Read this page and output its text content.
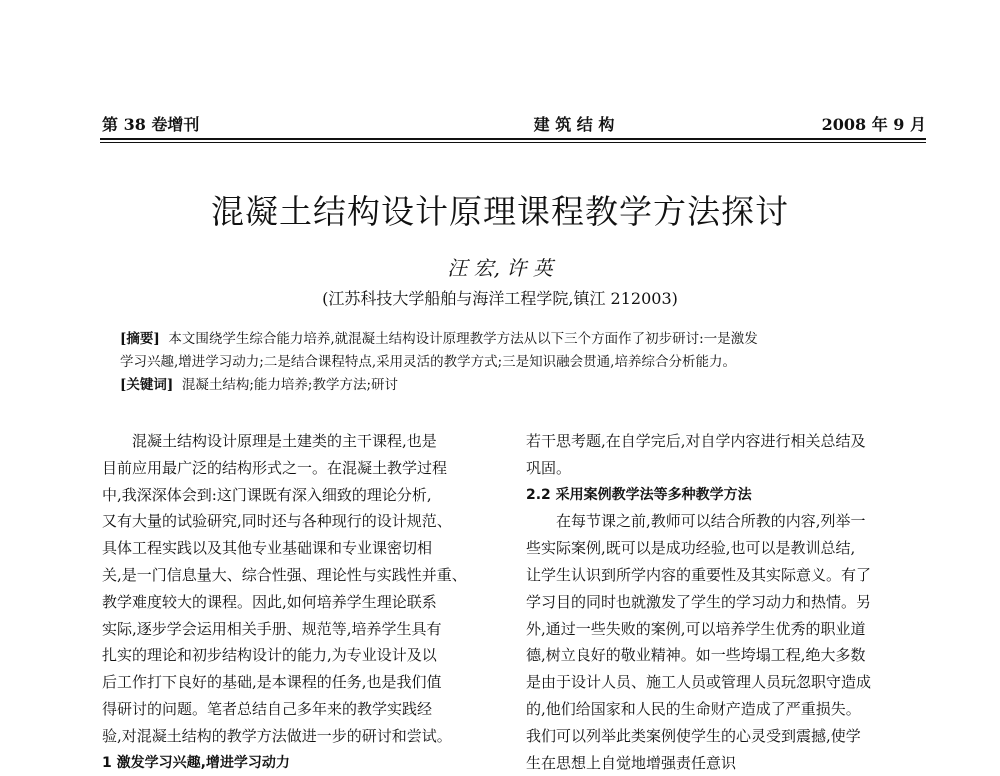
第 38 卷增刊	建 筑 结 构	2008 年 9 月
混凝土结构设计原理课程教学方法探讨
汪 宏, 许 英
(江苏科技大学船舶与海洋工程学院,镇江 212003)
[摘要] 本文围绕学生综合能力培养,就混凝土结构设计原理教学方法从以下三个方面作了初步研讨:一是激发
学习兴趣,增进学习动力;二是结合课程特点,采用灵活的教学方式;三是知识融会贯通,培养综合分析能力。
[关键词] 混凝土结构;能力培养;教学方法;研讨
混凝土结构设计原理是土建类的主干课程,也是
目前应用最广泛的结构形式之一。在混凝土教学过程
中,我深深体会到:这门课既有深入细致的理论分析,
又有大量的试验研究,同时还与各种现行的设计规范、
具体工程实践以及其他专业基础课和专业课密切相
关,是一门信息量大、综合性强、理论性与实践性并重、
教学难度较大的课程。因此,如何培养学生理论联系
实际,逐步学会运用相关手册、规范等,培养学生具有
扎实的理论和初步结构设计的能力,为专业设计及以
后工作打下良好的基础,是本课程的任务,也是我们值
得研讨的问题。笔者总结自己多年来的教学实践经
验,对混凝土结构的教学方法做进一步的研讨和尝试。
1 激发学习兴趣,增进学习动力
若干思考题,在自学完后,对自学内容进行相关总结及
巩固。
2.2 采用案例教学法等多种教学方法
在每节课之前,教师可以结合所教的内容,列举一
些实际案例,既可以是成功经验,也可以是教训总结,
让学生认识到所学内容的重要性及其实际意义。有了
学习目的同时也就激发了学生的学习动力和热情。另
外,通过一些失败的案例,可以培养学生优秀的职业道
德,树立良好的敬业精神。如一些垮塌工程,绝大多数
是由于设计人员、施工人员或管理人员玩忽职守造成
的,他们给国家和人民的生命财产造成了严重损失。
我们可以列举此类案例使学生的心灵受到震撼,使学
生在思想上自觉地增强责任意识
